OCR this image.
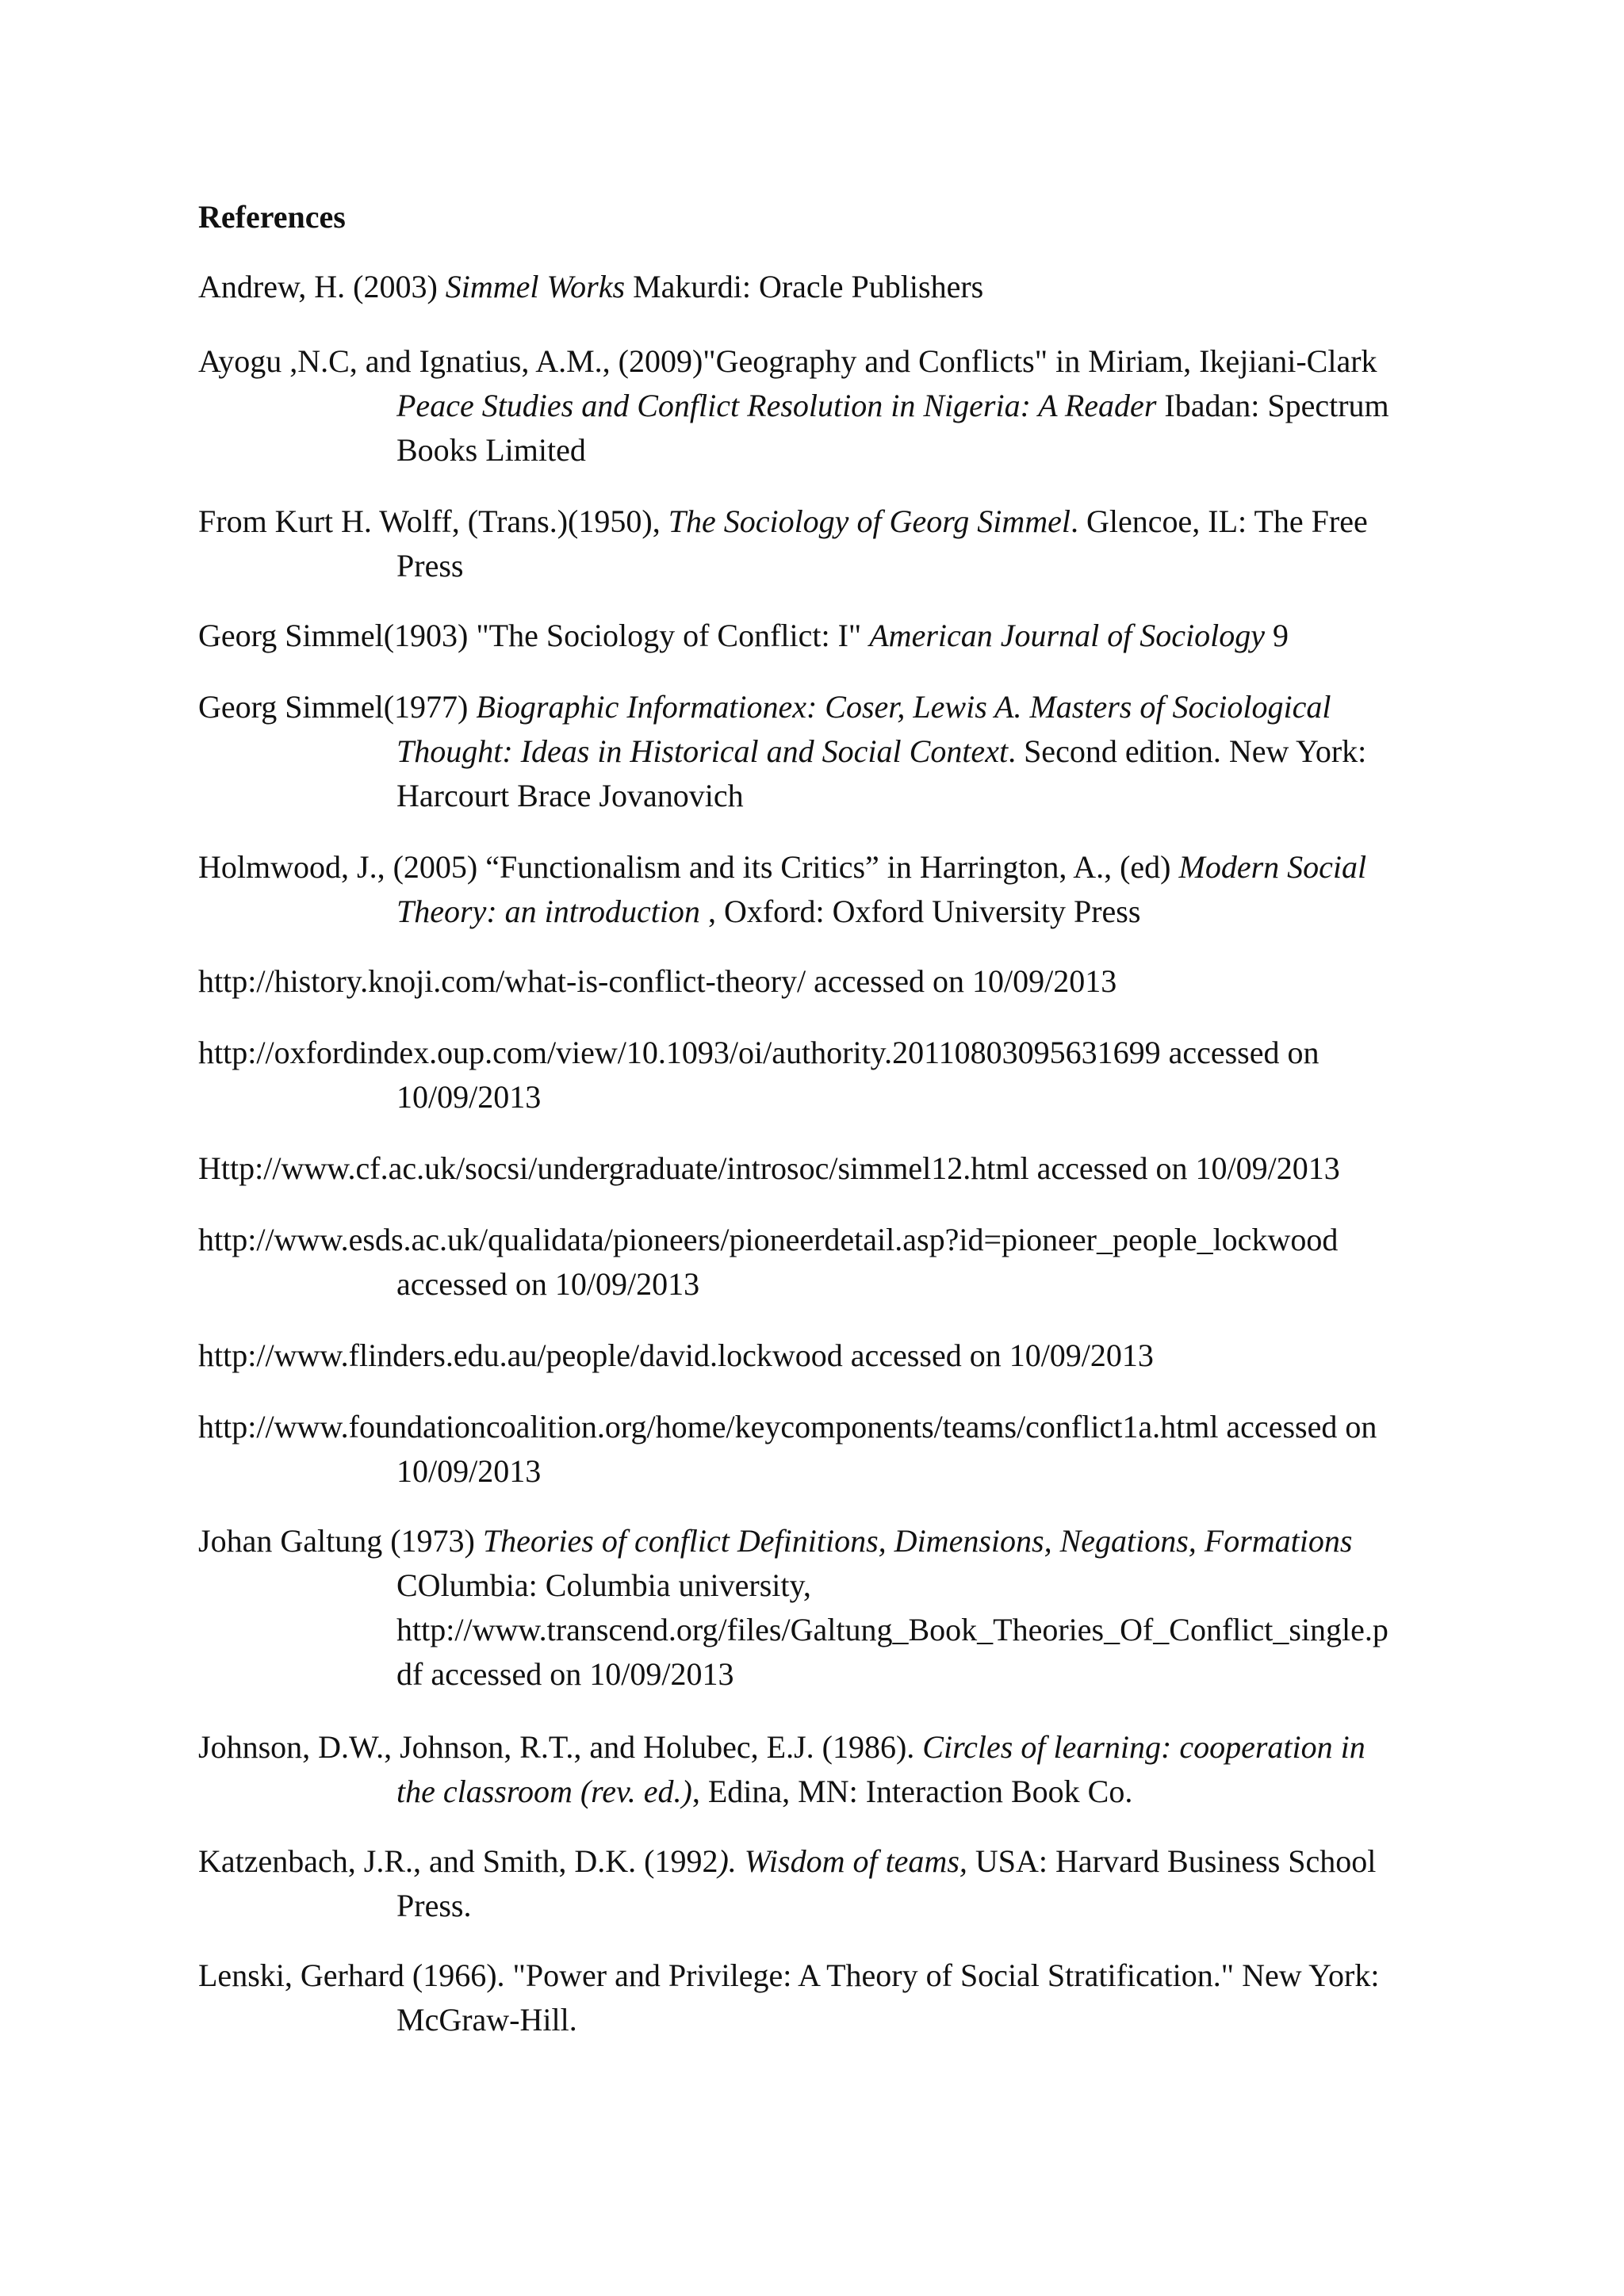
References
Andrew, H. (2003) Simmel Works Makurdi: Oracle Publishers
Ayogu ,N.C, and Ignatius, A.M., (2009)"Geography and Conflicts" in Miriam, Ikejiani-Clark
Peace Studies and Conflict Resolution in Nigeria: A Reader Ibadan: Spectrum
Books Limited
From Kurt H. Wolff, (Trans.)(1950), The Sociology of Georg Simmel. Glencoe, IL: The Free
Press
Georg Simmel(1903) "The Sociology of Conflict: I" American Journal of Sociology 9
Georg Simmel(1977) Biographic Informationex: Coser, Lewis A. Masters of Sociological
Thought: Ideas in Historical and Social Context. Second edition. New York:
Harcourt Brace Jovanovich
Holmwood, J., (2005) “Functionalism and its Critics” in Harrington, A., (ed) Modern Social
Theory: an introduction , Oxford: Oxford University Press
http://history.knoji.com/what-is-conflict-theory/ accessed on 10/09/2013
http://oxfordindex.oup.com/view/10.1093/oi/authority.20110803095631699 accessed on
10/09/2013
Http://www.cf.ac.uk/socsi/undergraduate/introsoc/simmel12.html accessed on 10/09/2013
http://www.esds.ac.uk/qualidata/pioneers/pioneerdetail.asp?id=pioneer_people_lockwood
accessed on 10/09/2013
http://www.flinders.edu.au/people/david.lockwood accessed on 10/09/2013
http://www.foundationcoalition.org/home/keycomponents/teams/conflict1a.html accessed on
10/09/2013
Johan Galtung (1973) Theories of conflict Definitions, Dimensions, Negations, Formations
COlumbia: Columbia university,
http://www.transcend.org/files/Galtung_Book_Theories_Of_Conflict_single.p
df accessed on 10/09/2013
Johnson, D.W., Johnson, R.T., and Holubec, E.J. (1986). Circles of learning: cooperation in
the classroom (rev. ed.), Edina, MN: Interaction Book Co.
Katzenbach, J.R., and Smith, D.K. (1992). Wisdom of teams, USA: Harvard Business School
Press.
Lenski, Gerhard (1966). "Power and Privilege: A Theory of Social Stratification." New York:
McGraw-Hill.
